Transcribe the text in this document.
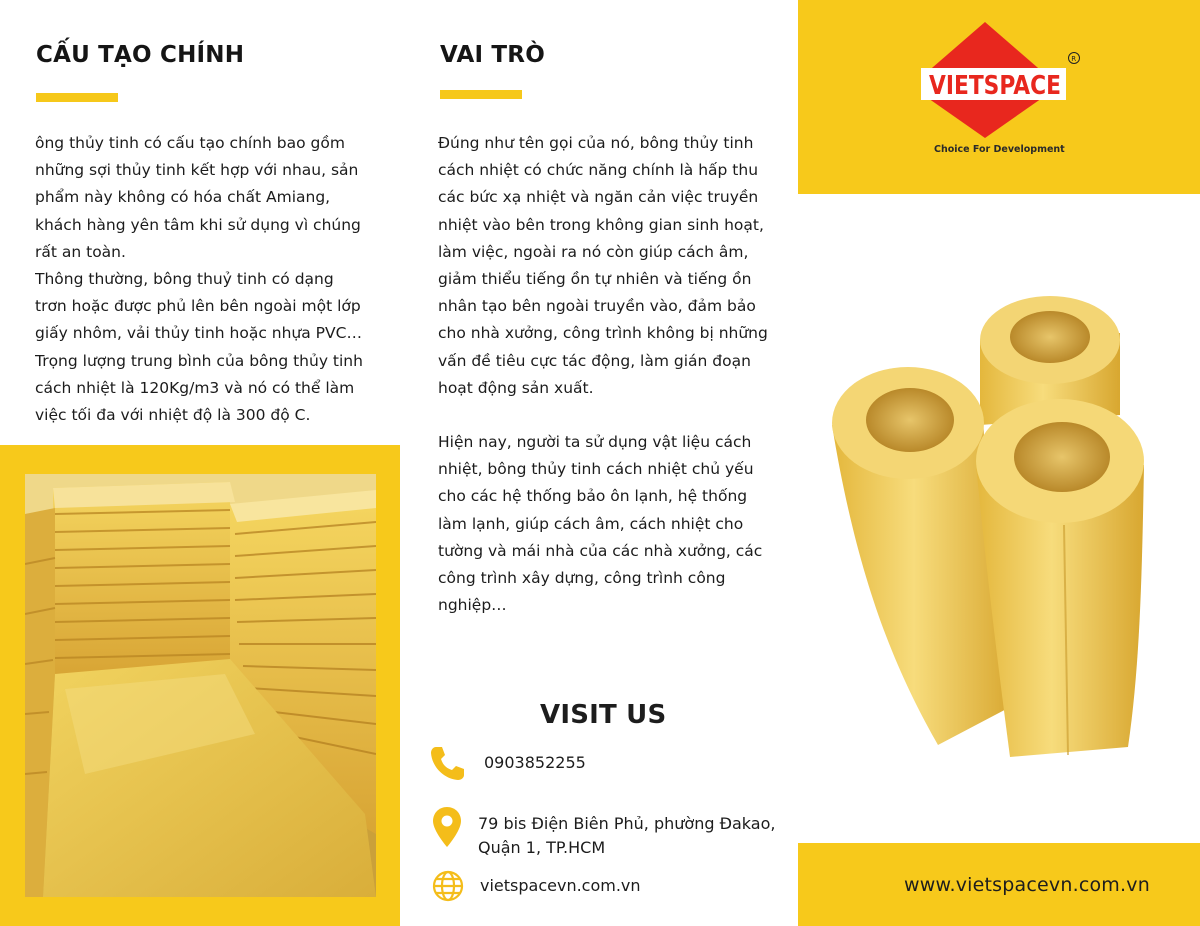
CẤU TẠO CHÍNH

ông thủy tinh có cấu tạo chính bao gồm những sợi thủy tinh kết hợp với nhau, sản phẩm này không có hóa chất Amiang, khách hàng yên tâm khi sử dụng vì chúng rất an toàn.

Thông thường, bông thuỷ tinh có dạng trơn hoặc được phủ lên bên ngoài một lớp giấy nhôm, vải thủy tinh hoặc nhựa PVC… Trọng lượng trung bình của bông thủy tinh cách nhiệt là 120Kg/m3 và nó có thể làm việc tối đa với nhiệt độ là 300 độ C.

VAI TRÒ

Đúng như tên gọi của nó, bông thủy tinh cách nhiệt có chức năng chính là hấp thu các bức xạ nhiệt và ngăn cản việc truyền nhiệt vào bên trong không gian sinh hoạt, làm việc, ngoài ra nó còn giúp cách âm, giảm thiểu tiếng ồn tự nhiên và tiếng ồn nhân tạo bên ngoài truyền vào, đảm bảo cho nhà xưởng, công trình không bị những vấn đề tiêu cực tác động, làm gián đoạn hoạt động sản xuất.

Hiện nay, người ta sử dụng vật liệu cách nhiệt, bông thủy tinh cách nhiệt chủ yếu cho các hệ thống bảo ôn lạnh, hệ thống làm lạnh, giúp cách âm, cách nhiệt cho tường và mái nhà của các nhà xưởng, các công trình xây dựng, công trình công nghiệp…

VISIT US
0903852255
79 bis Điện Biên Phủ, phường Đakao,
Quận 1, TP.HCM
vietspacevn.com.vn
VIETSPACE
R
Choice For Development
www.vietspacevn.com.vn
